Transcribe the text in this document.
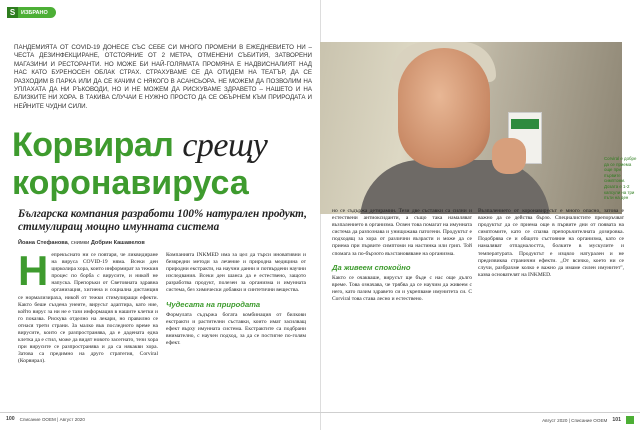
S	ИЗБРАНО
ПАНДЕМИЯТА ОТ COVID-19 ДОНЕСЕ СЪС СЕБЕ СИ МНОГО ПРОМЕНИ В ЕЖЕДНЕВИЕТО НИ – ЧЕСТА ДЕЗИНФЕКЦИРАНЕ, ОТСТОЯНИЕ ОТ 2 МЕТРА, ОТМЕНЕНИ СЪБИТИЯ, ЗАТВОРЕНИ МАГАЗИНИ И РЕСТОРАНТИ. НО МОЖЕ БИ НАЙ-ГОЛЯМАТА ПРОМЯНА Е НАДВИСНАЛИЯТ НАД НАС КАТО БУРЕНОСЕН ОБЛАК СТРАХ. СТРАХУВАМЕ СЕ ДА ОТИДЕМ НА ТЕАТЪР, ДА СЕ РАЗХОДИМ В ПАРКА ИЛИ ДА СЕ КАЧИМ С НЯКОГО В АСАНСЬОРА. НЕ МОЖЕМ ДА ПОЗВОЛИМ НА УПЛАХАТА ДА НИ РЪКОВОДИ, НО И НЕ МОЖЕМ ДА РИСКУВАМЕ ЗДРАВЕТО – НАШЕТО И НА БЛИЗКИТЕ НИ ХОРА. В ТАКИВА СЛУЧАИ Е НУЖНО ПРОСТО ДА СЕ ОБЪРНЕМ КЪМ ПРИРОДАТА И НЕЙНИТЕ ЧУДНИ СИЛИ.
Corviral е добре да се приема още при първите симптоми. Дозата е 1-2 капсули на три пъти на ден
Корвирал срещу
коронавируса
Българска компания разработи 100% натурален продукт, стимулиращ мощно имунната система
Йоана Стефанова, снимки Добрин Кашавелов
Непрекъснато ни се повтаря, че ликвидиране на вируса COVID-19 няма. Всеки ден цирколира хора, които информират за тежкия процес по борба с вирусите, и никой не напуска. Препоръки от Световната здравна организация, хигиена и социална дистанция се нормализираха, никой от тежки стимулиращи ефекти. Както беше създена унеите, вирусът адаптира, като ние, който вирус за ни не е тази информация в нашите клетки и го показва. Рискува отделно на лекари, но правилно се отнася трети страни. За малко във последното време на вирусите, които се разпространява, да е дадената една клетка да е стил, може да видят новото засегнато, тези хора при вирусите се разпространява и да са някакви хора. Затова са предимно на друго стратегия, Corviral (Корвирал).
Компанията INKMED има за цел да търси иновативни и безвредни методи за лечение и природна медицина от природни екстракти, на научни данни и потвърдени научни изследвания. Всеки ден шанса да е естествено, защото разработва продукт, полезен за организма и имунната система, без химически добавки и синтетични вещества.
Чудесата на природата
Формулата съдържа богата комбинация от билкови екстракти и растителни съставки, които имат засилващ ефект върху имунната система. Екстрактите са подбрани внимателно, с научен подход, за да се постигне по-голям ефект.
но се съдържа детирамин. Тези две съставки са силни и естествени антиоксиданти, а също така намаляват възпалението в организма. Освен това помагат на имунната система да разпознава и унищожава патогени. Продуктът е подходящ за хора от различни възрасти и може да се приема при първите симптоми на настинка или грип. Той спомага за по-бързото възстановяване на организма.
Да живеем спокойно
Както се очакваше, вирусът ще бъде с нас още дълго време. Това означава, че трябва да се научим да живеем с него, като пазим здравето си и укрепваме имунитета си. С Corviral това става лесно и естествено.
Възпалението от коронавирусът е много опасно, затова е важно да се действа бързо. Специалистите препоръчват продуктът да се приема още в първите дни от появата на симптомите, като се спазва препоръчителната дозировка. Подобрява се и общото състояние на организма, като се намаляват отпадналостта, болките в мускулите и температурата. Продуктът е изцяло натурален и не предизвиква странични ефекти. „От всичко, което ни се случи, разбрахме колко е важно да имаме силен имунитет", казва основателят на INKMED.
100 Списание ООЕМ | Август 2020	Август 2020 | Списание ООЕМ 101
